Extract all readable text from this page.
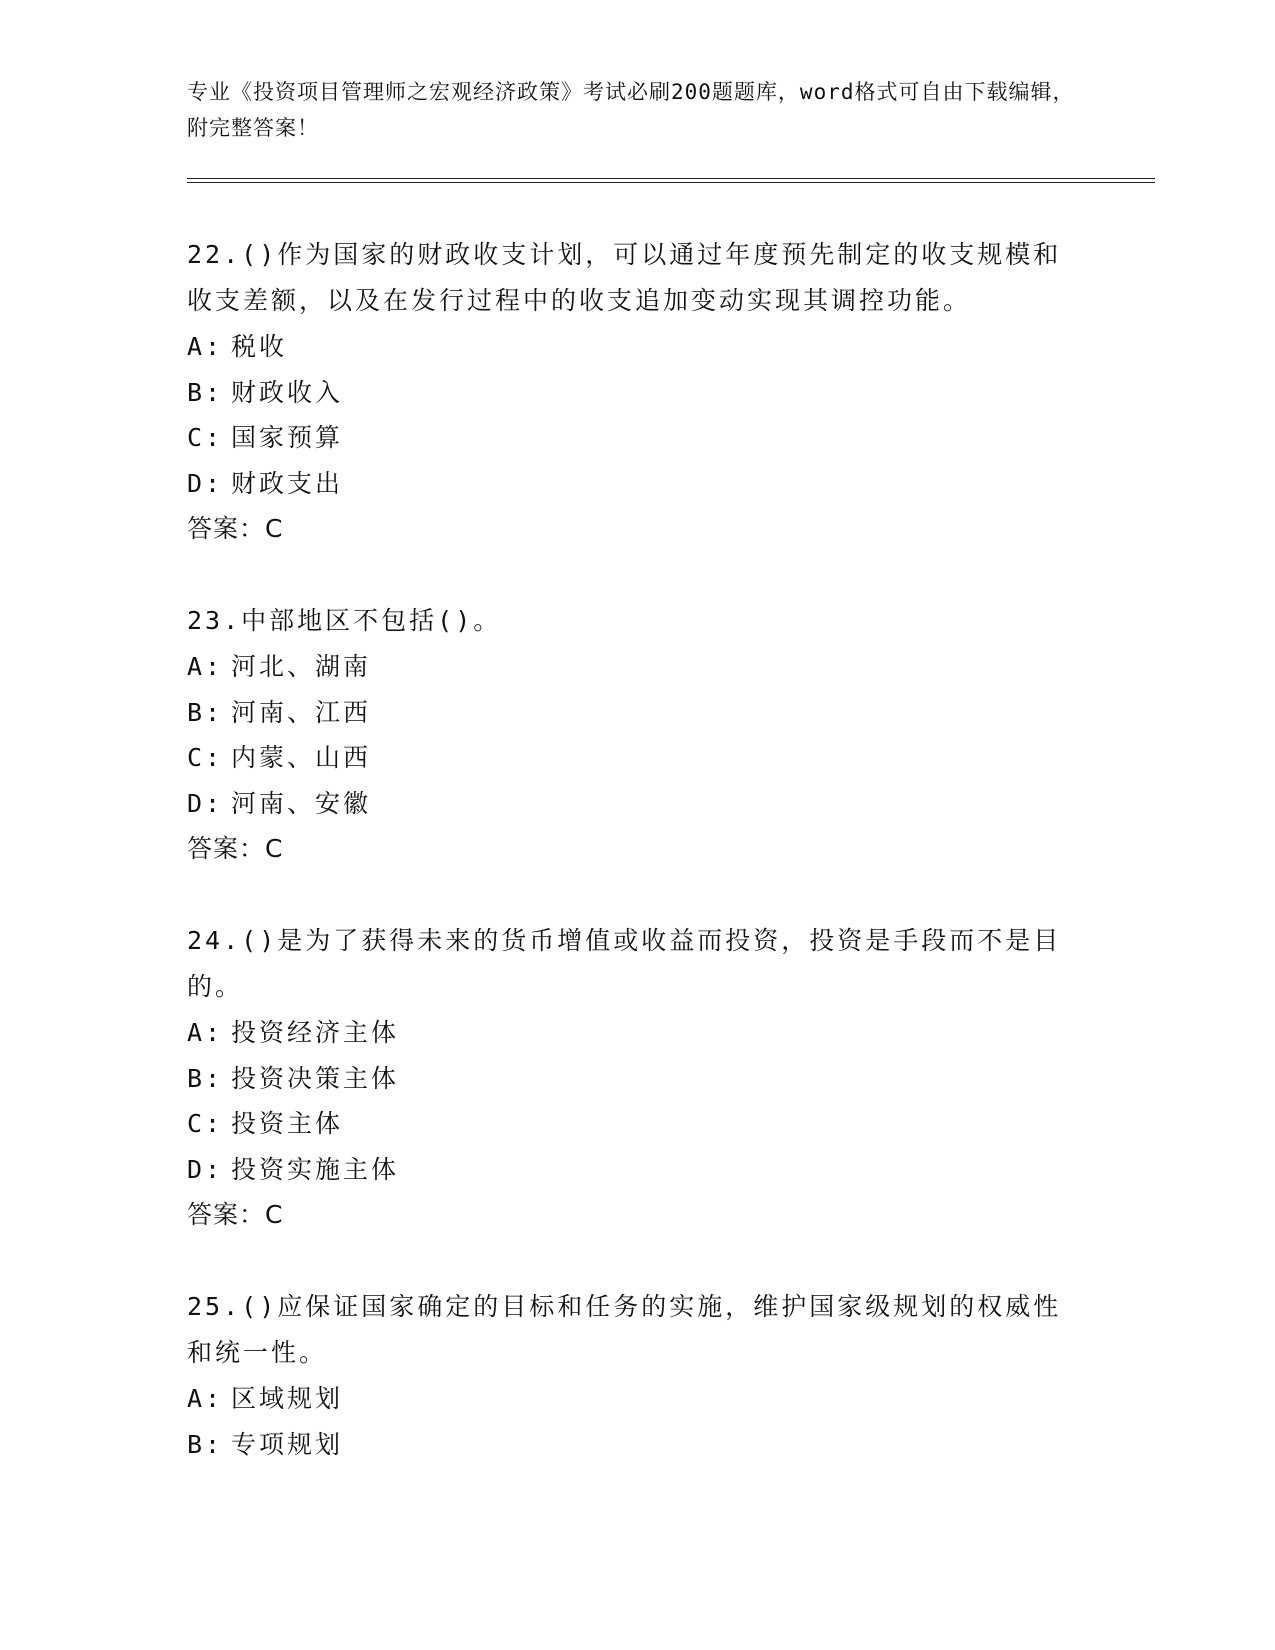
专业《投资项目管理师之宏观经济政策》考试必刷200题题库，word格式可自由下载编辑，附完整答案！

22.()作为国家的财政收支计划，可以通过年度预先制定的收支规模和收支差额，以及在发行过程中的收支追加变动实现其调控功能。

A: 税收

B: 财政收入

C: 国家预算

D: 财政支出

答案：C

23.中部地区不包括()。

A: 河北、湖南

B: 河南、江西

C: 内蒙、山西

D: 河南、安徽

答案：C

24.()是为了获得未来的货币增值或收益而投资，投资是手段而不是目的。

A: 投资经济主体

B: 投资决策主体

C: 投资主体

D: 投资实施主体

答案：C

25.()应保证国家确定的目标和任务的实施，维护国家级规划的权威性和统一性。

A: 区域规划

B: 专项规划
